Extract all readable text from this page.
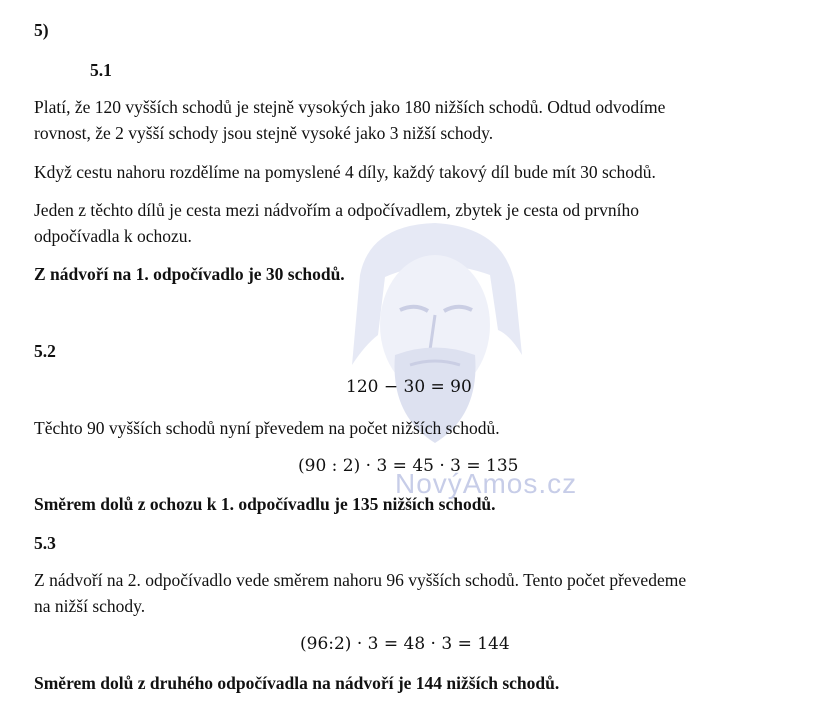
NovýAmos.cz
5)
5.1
Platí, že 120 vyšších schodů je stejně vysokých jako 180 nižších schodů. Odtud odvodíme
rovnost, že 2 vyšší schody jsou stejně vysoké jako 3 nižší schody.
Když cestu nahoru rozdělíme na pomyslené 4 díly, každý takový díl bude mít 30 schodů.
Jeden z těchto dílů je cesta mezi nádvořím a odpočívadlem, zbytek je cesta od prvního
odpočívadla k ochozu.
Z nádvoří na 1. odpočívadlo je 30 schodů.
5.2
120 − 30 = 90
Těchto 90 vyšších schodů nyní převedem na počet nižších schodů.
(90 : 2) · 3 = 45 · 3 = 135
Směrem dolů z ochozu k 1. odpočívadlu je 135 nižších schodů.
5.3
Z nádvoří na 2. odpočívadlo vede směrem nahoru 96 vyšších schodů. Tento počet převedeme
na nižší schody.
(96:2) · 3 = 48 · 3 = 144
Směrem dolů z druhého odpočívadla na nádvoří je 144 nižších schodů.
